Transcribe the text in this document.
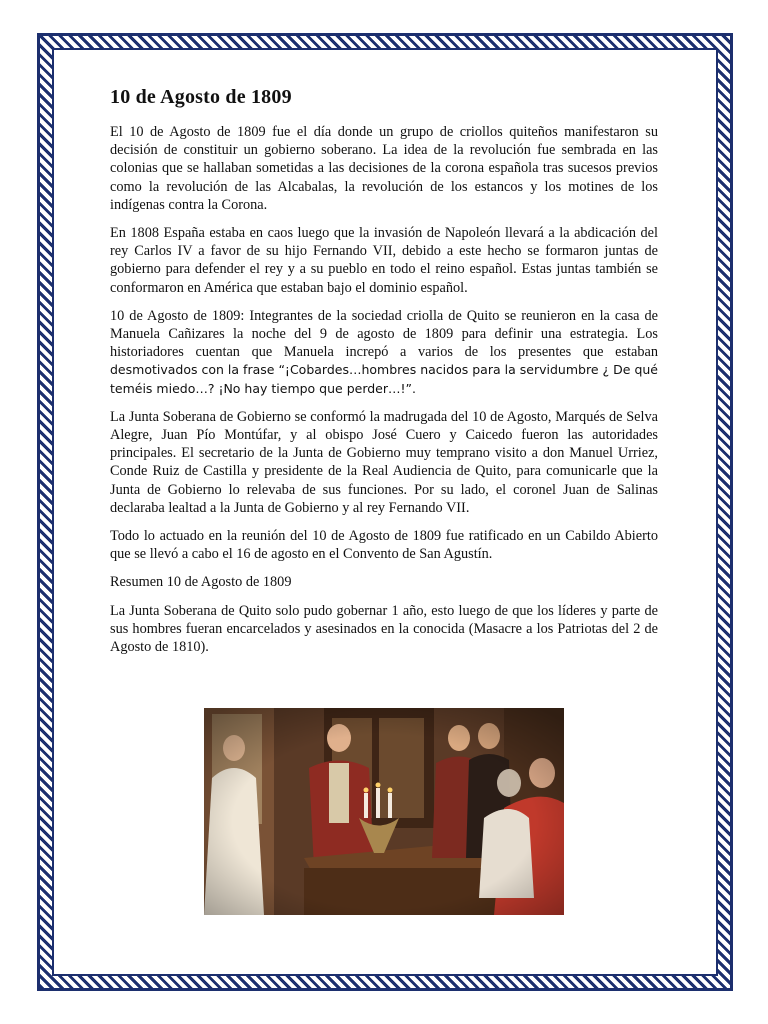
10 de Agosto de 1809

El 10 de Agosto de 1809 fue el día donde un grupo de criollos quiteños manifestaron su decisión de constituir un gobierno soberano. La idea de la revolución fue sembrada en las colonias que se hallaban sometidas a las decisiones de la corona española tras sucesos previos como la revolución de las Alcabalas, la revolución de los estancos y los motines de los indígenas contra la Corona.

En 1808 España estaba en caos luego que la invasión de Napoleón llevará a la abdicación del rey Carlos IV a favor de su hijo Fernando VII, debido a este hecho se formaron juntas de gobierno para defender el rey y a su pueblo en todo el reino español. Estas juntas también se conformaron en América que estaban bajo el dominio español.

10 de Agosto de 1809: Integrantes de la sociedad criolla de Quito se reunieron en la casa de Manuela Cañizares la noche del 9 de agosto de 1809 para definir una estrategia. Los historiadores cuentan que Manuela increpó a varios de los presentes que estaban desmotivados con la frase “¡Cobardes…hombres nacidos para la servidumbre ¿ De qué teméis miedo…? ¡No hay tiempo que perder…!”.

La Junta Soberana de Gobierno se conformó la madrugada del 10 de Agosto, Marqués de Selva Alegre, Juan Pío Montúfar, y al obispo José Cuero y Caicedo fueron las autoridades principales. El secretario de la Junta de Gobierno muy temprano visito a don Manuel Urriez, Conde Ruiz de Castilla y presidente de la Real Audiencia de Quito, para comunicarle que la Junta de Gobierno lo relevaba de sus funciones. Por su lado, el coronel Juan de Salinas declaraba lealtad a la Junta de Gobierno y al rey Fernando VII.

Todo lo actuado en la reunión del 10 de Agosto de 1809 fue ratificado en un Cabildo Abierto que se llevó a cabo el 16 de agosto en el Convento de San Agustín.

Resumen 10 de Agosto de 1809

La Junta Soberana de Quito solo pudo gobernar 1 año, esto luego de que los líderes y parte de sus hombres fueran encarcelados y asesinados en la conocida (Masacre a los Patriotas del 2 de Agosto de 1810).
